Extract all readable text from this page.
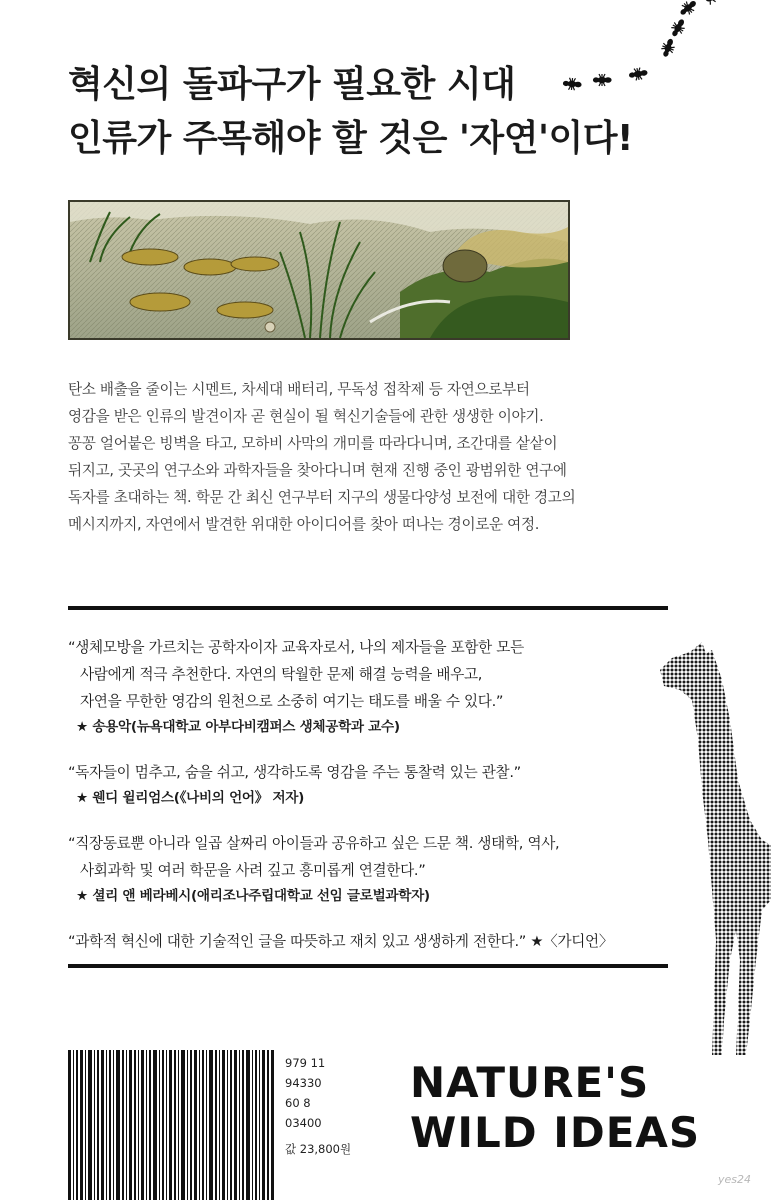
혁신의 돌파구가 필요한 시대
인류가 주목해야 할 것은 '자연'이다!
탄소 배출을 줄이는 시멘트, 차세대 배터리, 무독성 접착제 등 자연으로부터
영감을 받은 인류의 발견이자 곧 현실이 될 혁신기술들에 관한 생생한 이야기.
꽁꽁 얼어붙은 빙벽을 타고, 모하비 사막의 개미를 따라다니며, 조간대를 샅샅이
뒤지고, 곳곳의 연구소와 과학자들을 찾아다니며 현재 진행 중인 광범위한 연구에
독자를 초대하는 책. 학문 간 최신 연구부터 지구의 생물다양성 보전에 대한 경고의
메시지까지, 자연에서 발견한 위대한 아이디어를 찾아 떠나는 경이로운 여정.
“생체모방을 가르치는 공학자이자 교육자로서, 나의 제자들을 포함한 모든
사람에게 적극 추천한다. 자연의 탁월한 문제 해결 능력을 배우고,
자연을 무한한 영감의 원천으로 소중히 여기는 태도를 배울 수 있다.”
★ 송용악(뉴욕대학교 아부다비캠퍼스 생체공학과 교수)
“독자들이 멈추고, 숨을 쉬고, 생각하도록 영감을 주는 통찰력 있는 관찰.”
★ 웬디 윌리엄스(《나비의 언어》 저자)
“직장동료뿐 아니라 일곱 살짜리 아이들과 공유하고 싶은 드문 책. 생태학, 역사,
사회과학 및 여러 학문을 사려 깊고 흥미롭게 연결한다.”
★ 셜리 앤 베라베시(애리조나주립대학교 선임 글로벌과학자)
“과학적 혁신에 대한 기술적인 글을 따뜻하고 재치 있고 생생하게 전한다.” ★〈가디언〉
979 11
94330
60 8
03400
값 23,800원
NATURE'S
WILD IDEAS
yes24
